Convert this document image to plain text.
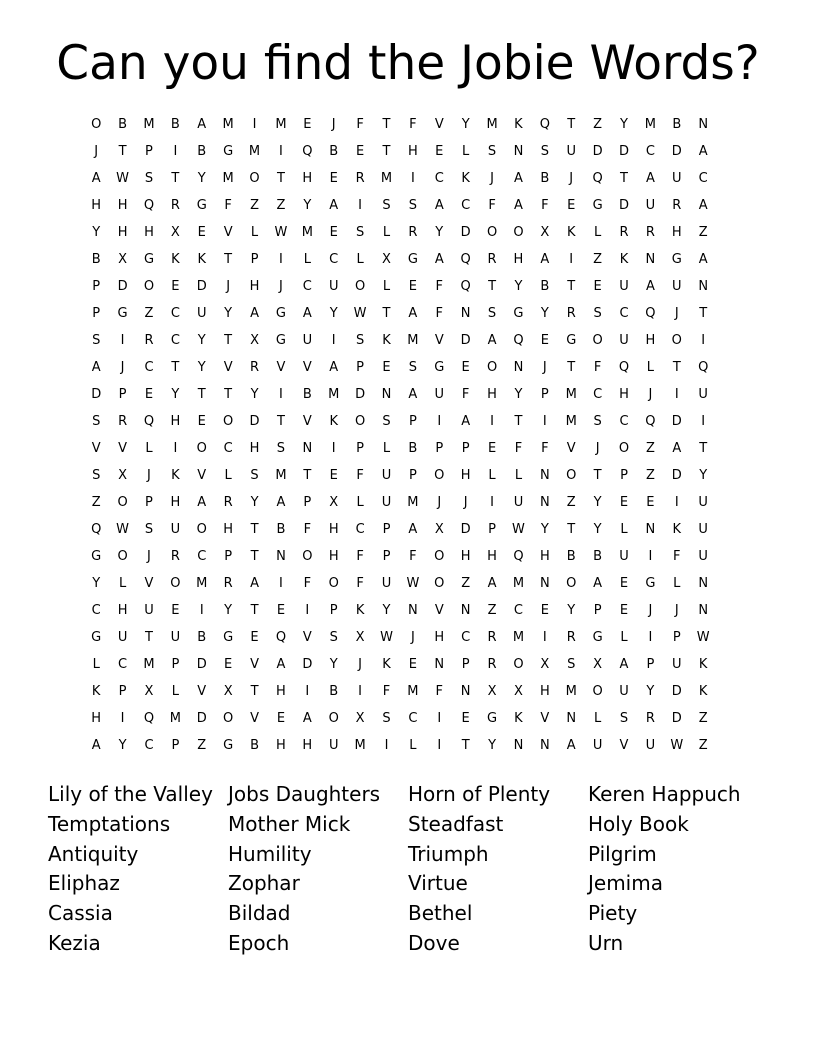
Can you find the Jobie Words?
O	B	M	B	A	M	I	M	E	J	F	T	F	V	Y	M	K	Q	T	Z	Y	M	B	N
J	T	P	I	B	G	M	I	Q	B	E	T	H	E	L	S	N	S	U	D	D	C	D	A
A	W	S	T	Y	M	O	T	H	E	R	M	I	C	K	J	A	B	J	Q	T	A	U	C
H	H	Q	R	G	F	Z	Z	Y	A	I	S	S	A	C	F	A	F	E	G	D	U	R	A
Y	H	H	X	E	V	L	W	M	E	S	L	R	Y	D	O	O	X	K	L	R	R	H	Z
B	X	G	K	K	T	P	I	L	C	L	X	G	A	Q	R	H	A	I	Z	K	N	G	A
P	D	O	E	D	J	H	J	C	U	O	L	E	F	Q	T	Y	B	T	E	U	A	U	N
P	G	Z	C	U	Y	A	G	A	Y	W	T	A	F	N	S	G	Y	R	S	C	Q	J	T
S	I	R	C	Y	T	X	G	U	I	S	K	M	V	D	A	Q	E	G	O	U	H	O	I
A	J	C	T	Y	V	R	V	V	A	P	E	S	G	E	O	N	J	T	F	Q	L	T	Q
D	P	E	Y	T	T	Y	I	B	M	D	N	A	U	F	H	Y	P	M	C	H	J	I	U
S	R	Q	H	E	O	D	T	V	K	O	S	P	I	A	I	T	I	M	S	C	Q	D	I
V	V	L	I	O	C	H	S	N	I	P	L	B	P	P	E	F	F	V	J	O	Z	A	T
S	X	J	K	V	L	S	M	T	E	F	U	P	O	H	L	L	N	O	T	P	Z	D	Y
Z	O	P	H	A	R	Y	A	P	X	L	U	M	J	J	I	U	N	Z	Y	E	E	I	U
Q	W	S	U	O	H	T	B	F	H	C	P	A	X	D	P	W	Y	T	Y	L	N	K	U
G	O	J	R	C	P	T	N	O	H	F	P	F	O	H	H	Q	H	B	B	U	I	F	U
Y	L	V	O	M	R	A	I	F	O	F	U	W	O	Z	A	M	N	O	A	E	G	L	N
C	H	U	E	I	Y	T	E	I	P	K	Y	N	V	N	Z	C	E	Y	P	E	J	J	N
G	U	T	U	B	G	E	Q	V	S	X	W	J	H	C	R	M	I	R	G	L	I	P	W
L	C	M	P	D	E	V	A	D	Y	J	K	E	N	P	R	O	X	S	X	A	P	U	K
K	P	X	L	V	X	T	H	I	B	I	F	M	F	N	X	X	H	M	O	U	Y	D	K
H	I	Q	M	D	O	V	E	A	O	X	S	C	I	E	G	K	V	N	L	S	R	D	Z
A	Y	C	P	Z	G	B	H	H	U	M	I	L	I	T	Y	N	N	A	U	V	U	W	Z
Lily of the Valley
Temptations
Antiquity
Eliphaz
Cassia
Kezia
Jobs Daughters
Mother Mick
Humility
Zophar
Bildad
Epoch
Horn of Plenty
Steadfast
Triumph
Virtue
Bethel
Dove
Keren Happuch
Holy Book
Pilgrim
Jemima
Piety
Urn
